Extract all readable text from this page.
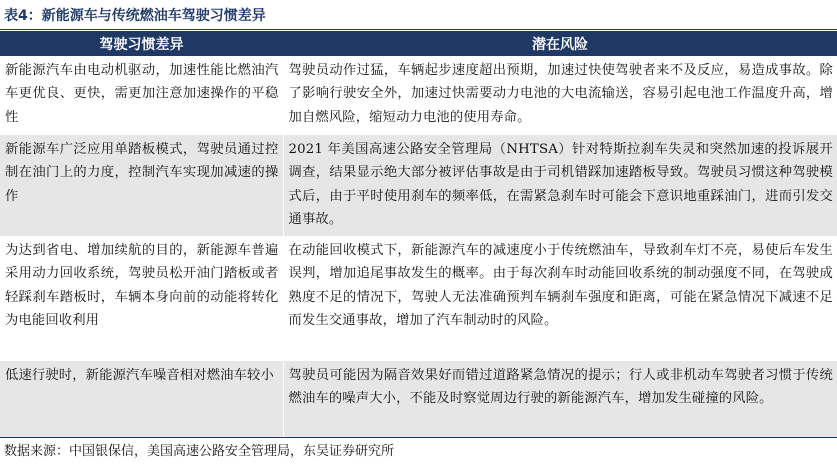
表4：新能源车与传统燃油车驾驶习惯差异
驾驶习惯差异	潜在风险
新能源汽车由电动机驱动，加速性能比燃油汽车更优良、更快，需更加注意加速操作的平稳性	驾驶员动作过猛，车辆起步速度超出预期，加速过快使驾驶者来不及反应，易造成事故。除了影响行驶安全外，加速过快需要动力电池的大电流输送，容易引起电池工作温度升高，增加自燃风险，缩短动力电池的使用寿命。
新能源车广泛应用单踏板模式，驾驶员通过控制在油门上的力度，控制汽车实现加减速的操作	2021 年美国高速公路安全管理局（NHTSA）针对特斯拉刹车失灵和突然加速的投诉展开调查，结果显示绝大部分被评估事故是由于司机错踩加速踏板导致。驾驶员习惯这种驾驶模式后，由于平时使用刹车的频率低，在需紧急刹车时可能会下意识地重踩油门，进而引发交通事故。
为达到省电、增加续航的目的，新能源车普遍采用动力回收系统，驾驶员松开油门踏板或者轻踩刹车踏板时，车辆本身向前的动能将转化为电能回收利用	在动能回收模式下，新能源汽车的减速度小于传统燃油车，导致刹车灯不亮，易使后车发生误判，增加追尾事故发生的概率。由于每次刹车时动能回收系统的制动强度不同，在驾驶成熟度不足的情况下，驾驶人无法准确预判车辆刹车强度和距离，可能在紧急情况下减速不足而发生交通事故，增加了汽车制动时的风险。
低速行驶时，新能源汽车噪音相对燃油车较小	驾驶员可能因为隔音效果好而错过道路紧急情况的提示；行人或非机动车驾驶者习惯于传统燃油车的噪声大小，不能及时察觉周边行驶的新能源汽车，增加发生碰撞的风险。
数据来源：中国银保信，美国高速公路安全管理局，东吴证券研究所
